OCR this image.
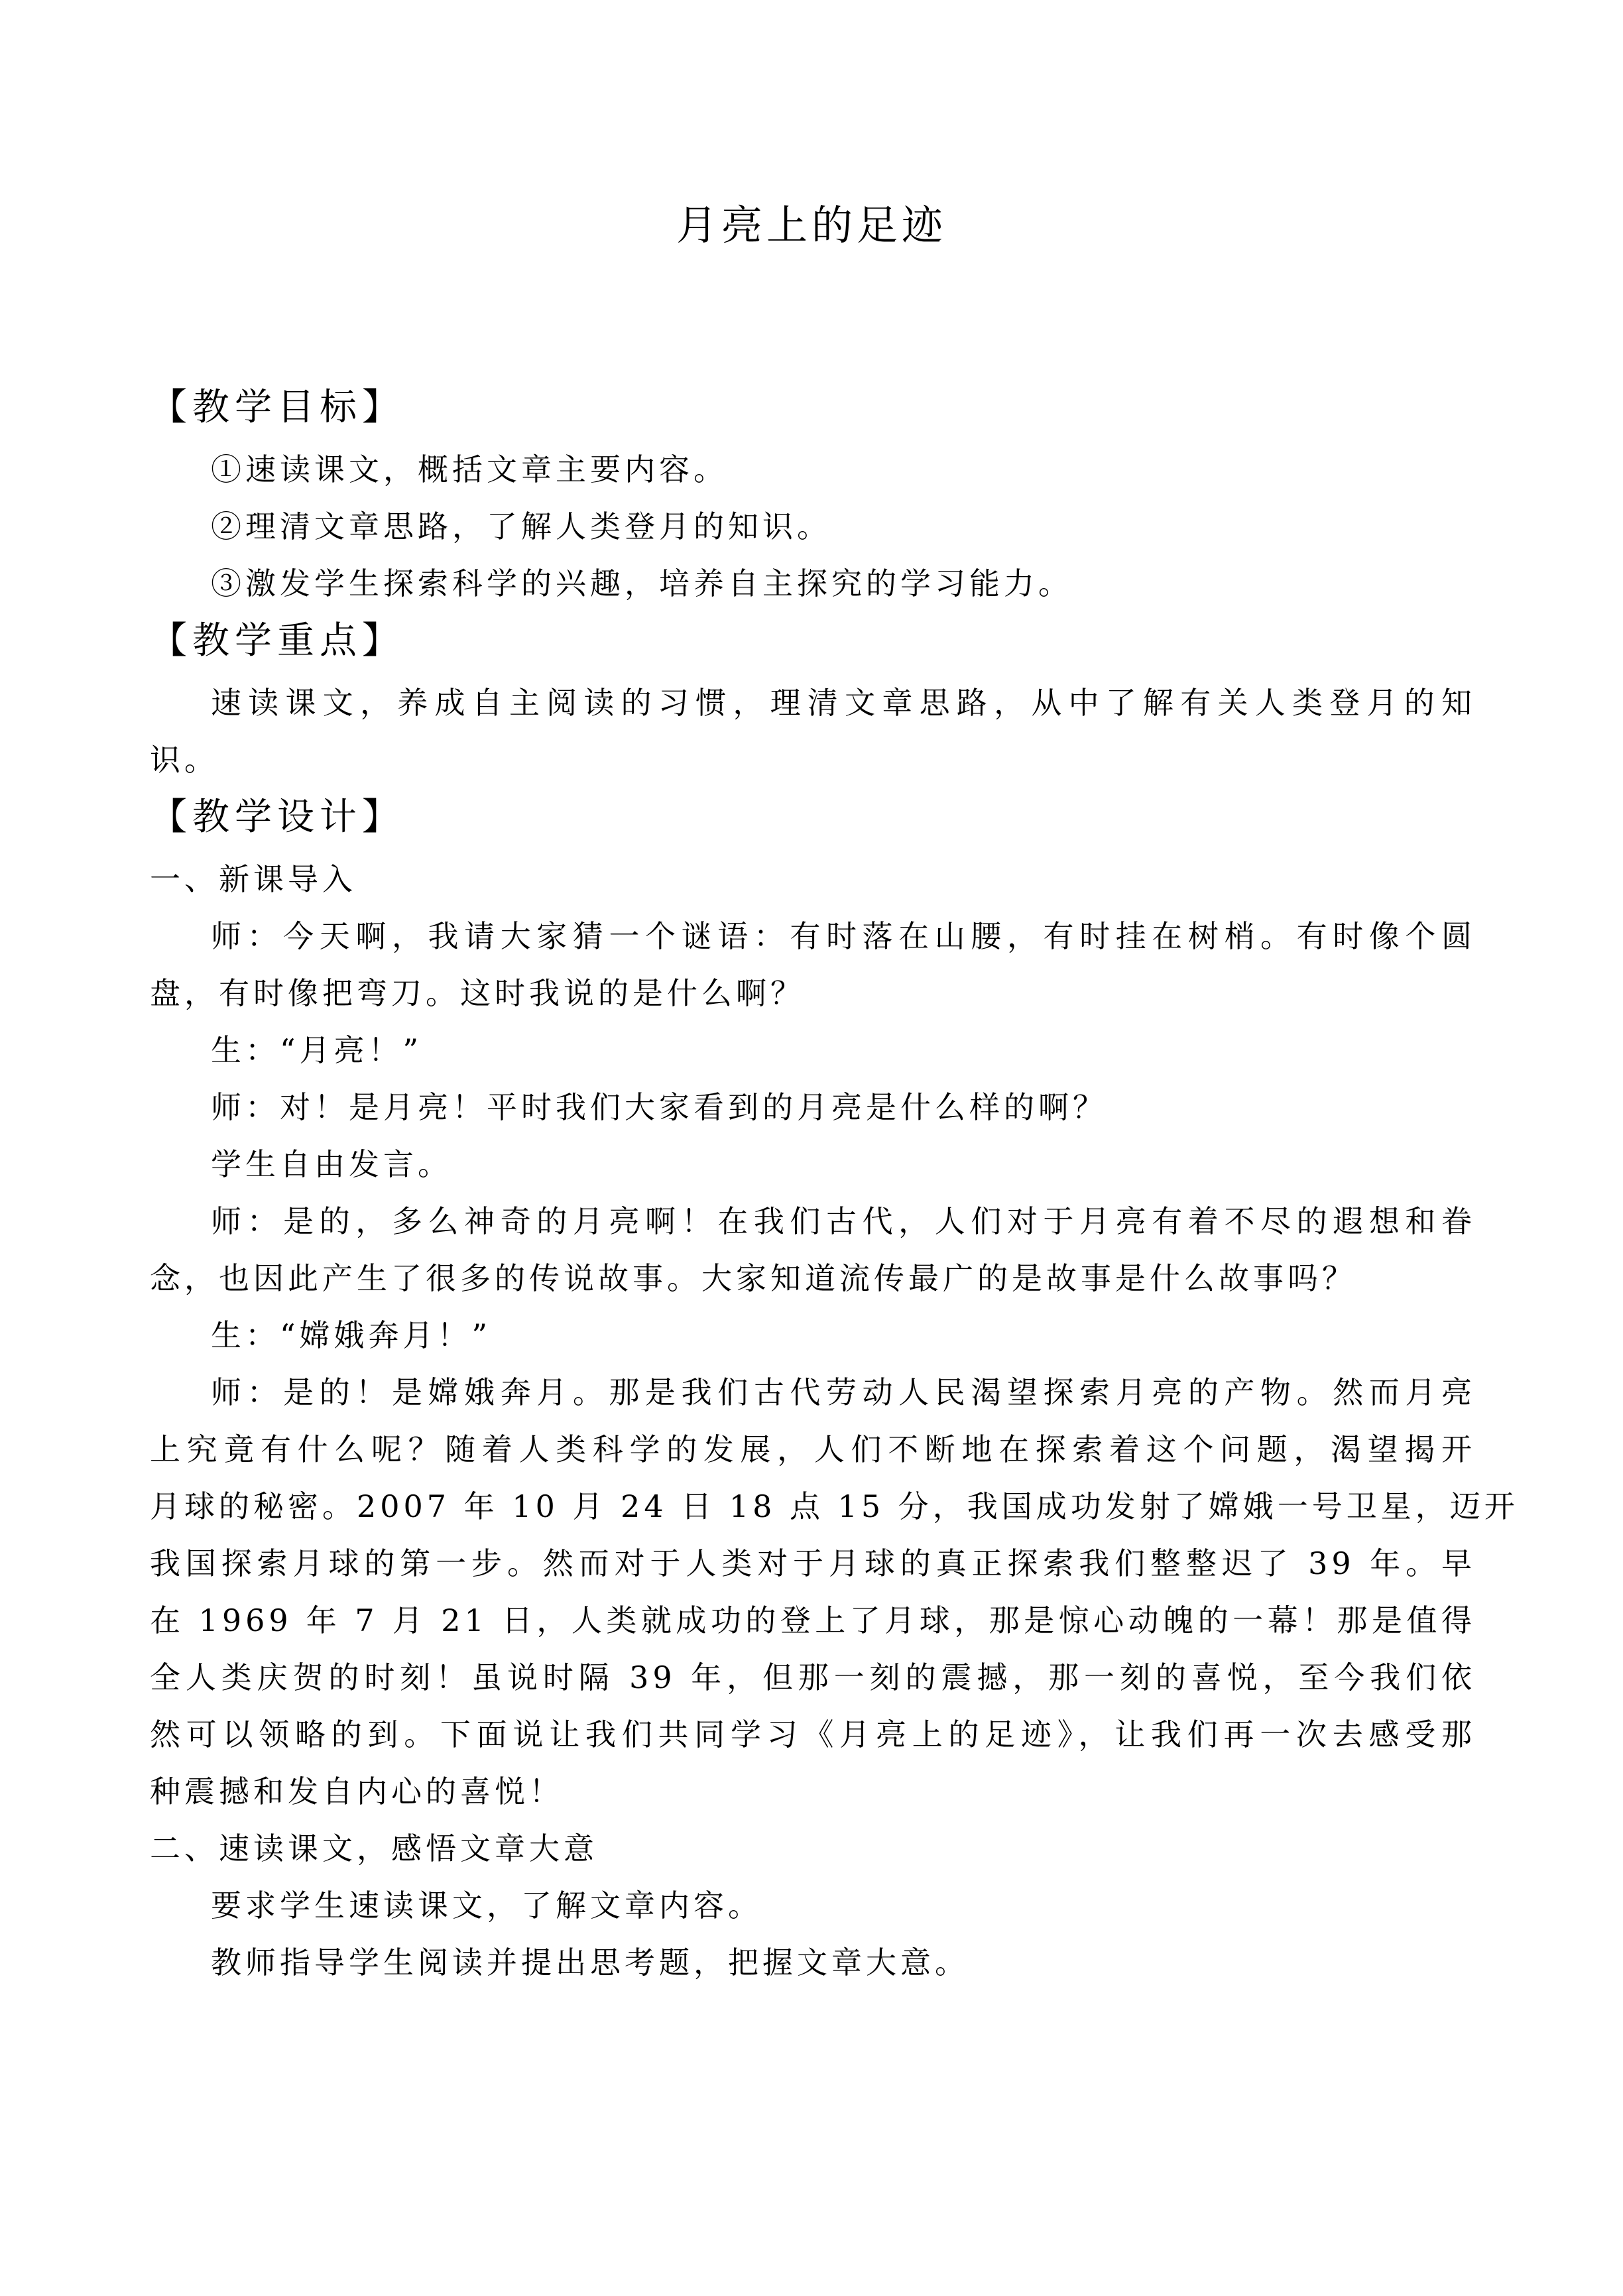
月亮上的足迹
【教学目标】
①速读课文，概括文章主要内容。
②理清文章思路，了解人类登月的知识。
③激发学生探索科学的兴趣，培养自主探究的学习能力。
【教学重点】
速读课文，养成自主阅读的习惯，理清文章思路，从中了解有关人类登月的知
识。
【教学设计】
一、新课导入
师：今天啊，我请大家猜一个谜语：有时落在山腰，有时挂在树梢。有时像个圆
盘，有时像把弯刀。这时我说的是什么啊？
生：“月亮！”
师：对！是月亮！平时我们大家看到的月亮是什么样的啊？
学生自由发言。
师：是的，多么神奇的月亮啊！在我们古代，人们对于月亮有着不尽的遐想和眷
念，也因此产生了很多的传说故事。大家知道流传最广的是故事是什么故事吗？
生：“嫦娥奔月！”
师：是的！是嫦娥奔月。那是我们古代劳动人民渴望探索月亮的产物。然而月亮
上究竟有什么呢？随着人类科学的发展，人们不断地在探索着这个问题，渴望揭开
月球的秘密。2007 年 10 月 24 日 18 点 15 分，我国成功发射了嫦娥一号卫星，迈开
我国探索月球的第一步。然而对于人类对于月球的真正探索我们整整迟了 39 年。早
在 1969 年 7 月 21 日，人类就成功的登上了月球，那是惊心动魄的一幕！那是值得
全人类庆贺的时刻！虽说时隔 39 年，但那一刻的震撼，那一刻的喜悦，至今我们依
然可以领略的到。下面说让我们共同学习《月亮上的足迹》，让我们再一次去感受那
种震撼和发自内心的喜悦！
二、速读课文，感悟文章大意
要求学生速读课文，了解文章内容。
教师指导学生阅读并提出思考题，把握文章大意。
